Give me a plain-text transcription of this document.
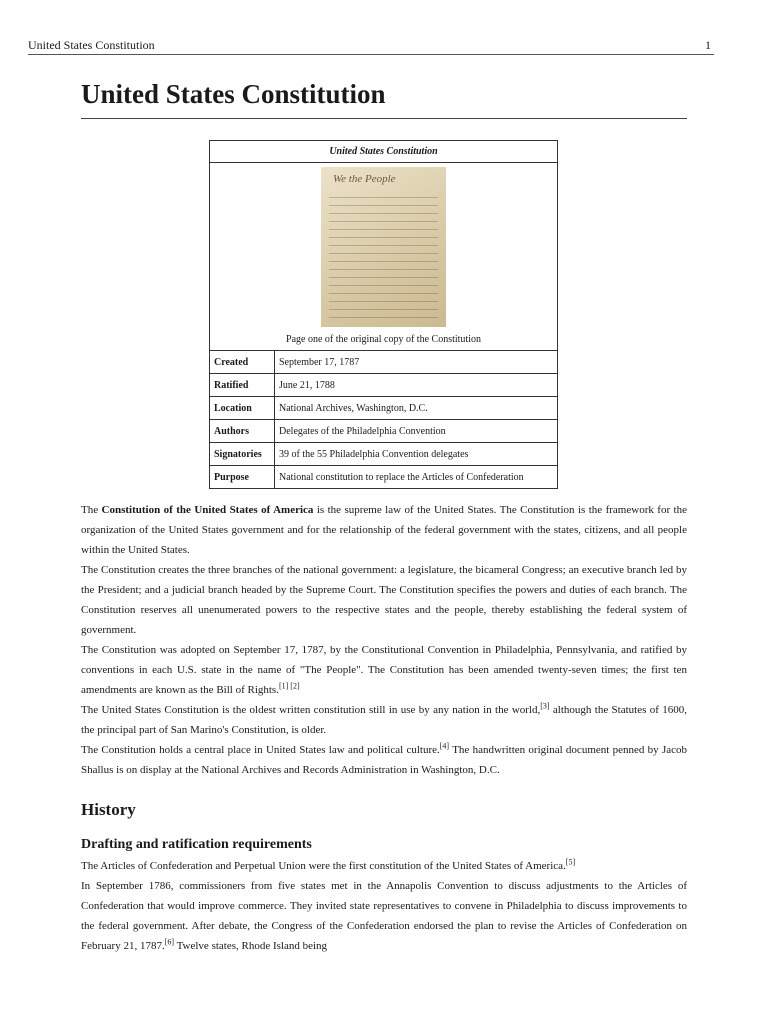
United States Constitution	1
United States Constitution
United States Constitution	

We the People
Page one of the original copy of the Constitution	

Created	September 17, 1787
Ratified	June 21, 1788
Location	National Archives, Washington, D.C.
Authors	Delegates of the Philadelphia Convention
Signatories	39 of the 55 Philadelphia Convention delegates
Purpose	National constitution to replace the Articles of Confederation

The Constitution of the United States of America is the supreme law of the United States. The Constitution is the framework for the organization of the United States government and for the relationship of the federal government with the states, citizens, and all people within the United States.

The Constitution creates the three branches of the national government: a legislature, the bicameral Congress; an executive branch led by the President; and a judicial branch headed by the Supreme Court. The Constitution specifies the powers and duties of each branch. The Constitution reserves all unenumerated powers to the respective states and the people, thereby establishing the federal system of government.

The Constitution was adopted on September 17, 1787, by the Constitutional Convention in Philadelphia, Pennsylvania, and ratified by conventions in each U.S. state in the name of "The People". The Constitution has been amended twenty-seven times; the first ten amendments are known as the Bill of Rights.[1] [2]

The United States Constitution is the oldest written constitution still in use by any nation in the world,[3] although the Statutes of 1600, the principal part of San Marino's Constitution, is older.

The Constitution holds a central place in United States law and political culture.[4] The handwritten original document penned by Jacob Shallus is on display at the National Archives and Records Administration in Washington, D.C.

History
Drafting and ratification requirements

The Articles of Confederation and Perpetual Union were the first constitution of the United States of America.[5]

In September 1786, commissioners from five states met in the Annapolis Convention to discuss adjustments to the Articles of Confederation that would improve commerce. They invited state representatives to convene in Philadelphia to discuss improvements to the federal government. After debate, the Congress of the Confederation endorsed the plan to revise the Articles of Confederation on February 21, 1787.[6] Twelve states, Rhode Island being
